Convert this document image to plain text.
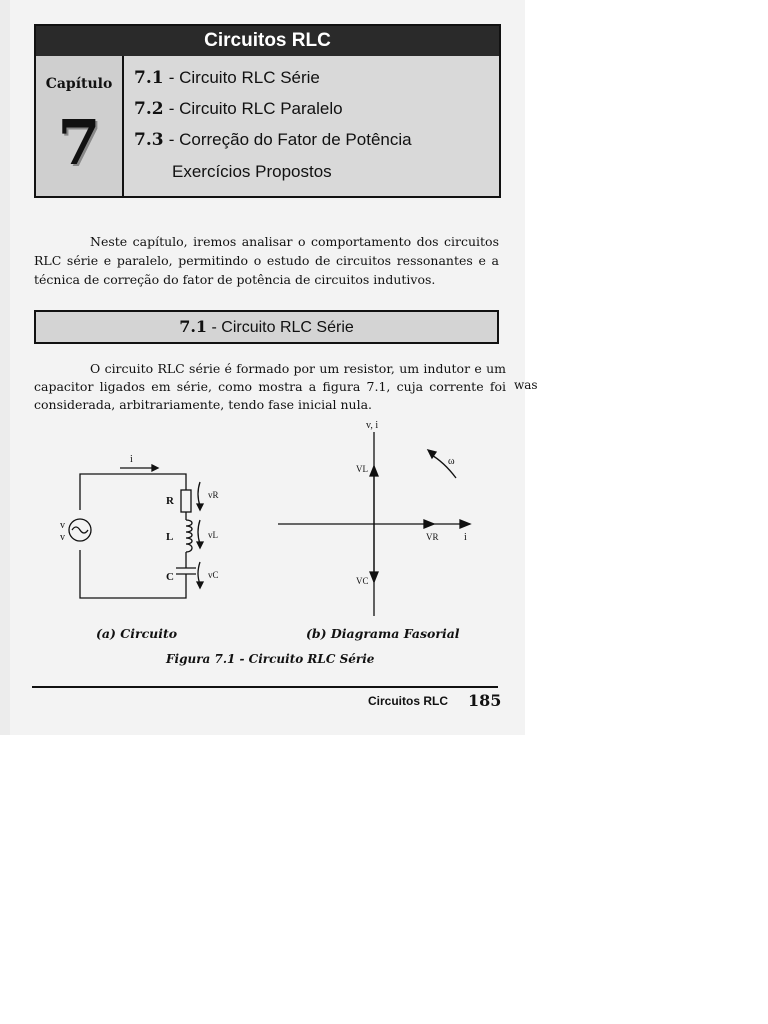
Circuitos RLC
Capítulo
7
7.1 - Circuito RLC Série
7.2 - Circuito RLC Paralelo
7.3 - Correção do Fator de Potência
Exercícios Propostos
Neste capítulo, iremos analisar o comportamento dos circuitos RLC série e paralelo, permitindo o estudo de circuitos ressonantes e a técnica de correção do fator de potência de circuitos indutivos.
7.1 - Circuito RLC Série
O circuito RLC série é formado por um resistor, um indutor e um capacitor ligados em série, como mostra a figura 7.1, cuja corrente foi considerada, arbitrariamente, tendo fase inicial nula.
was
i
v
v
R
L
C
vR
vL
vC
v, i
VL
VR
VC
i
ω
(a) Circuito	(b) Diagrama Fasorial
Figura 7.1 - Circuito RLC Série
Circuitos RLC 185
